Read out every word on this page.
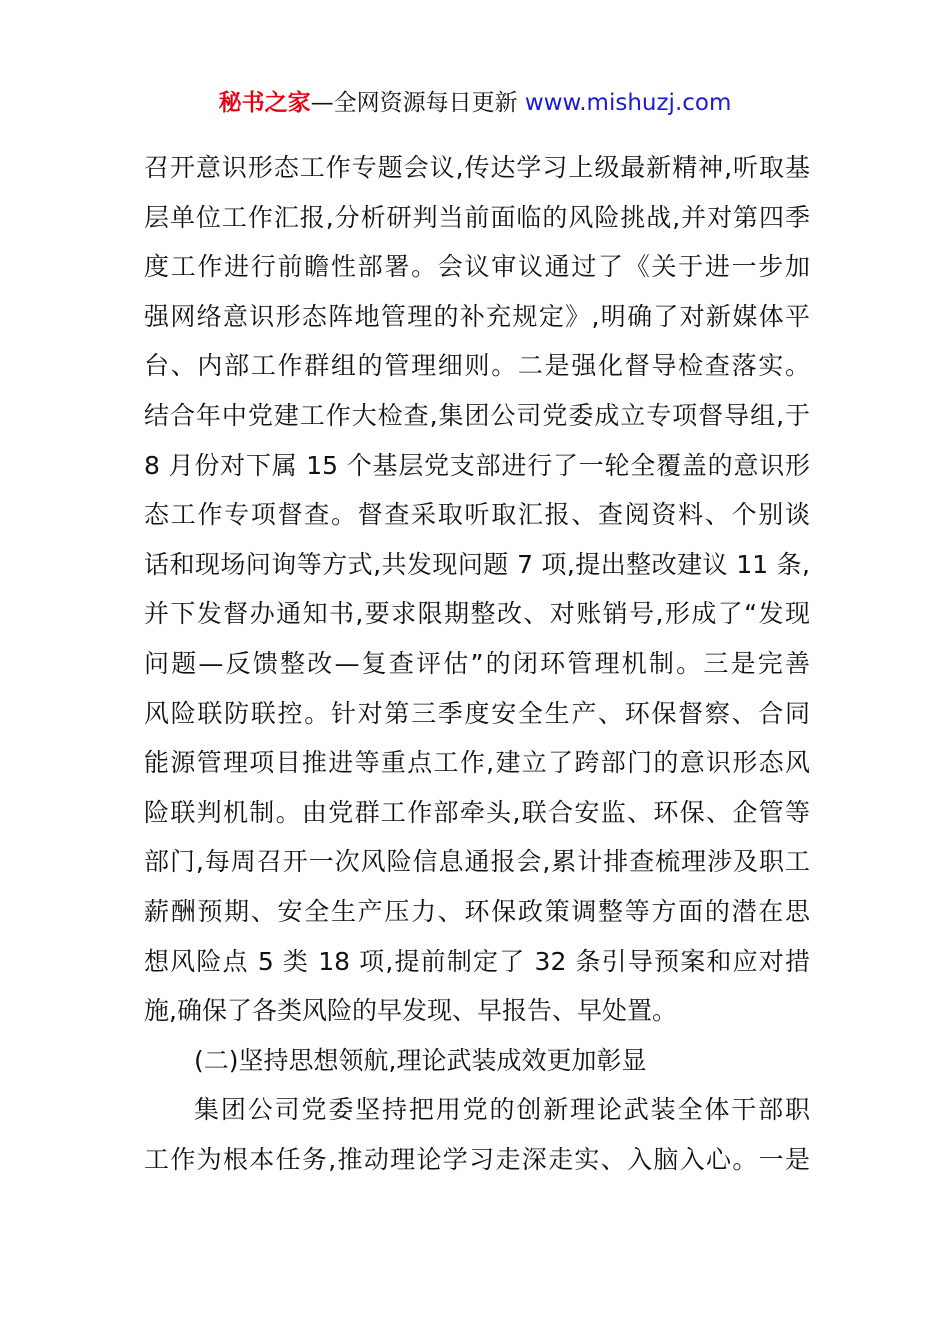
秘书之家—全网资源每日更新 www.mishuzj.com
召开意识形态工作专题会议,传达学习上级最新精神,听取基
层单位工作汇报,分析研判当前面临的风险挑战,并对第四季
度工作进行前瞻性部署。会议审议通过了《关于进一步加
强网络意识形态阵地管理的补充规定》,明确了对新媒体平
台、内部工作群组的管理细则。二是强化督导检查落实。
结合年中党建工作大检查,集团公司党委成立专项督导组,于
8 月份对下属 15 个基层党支部进行了一轮全覆盖的意识形
态工作专项督查。督查采取听取汇报、查阅资料、个别谈
话和现场问询等方式,共发现问题 7 项,提出整改建议 11 条,
并下发督办通知书,要求限期整改、对账销号,形成了“发现
问题—反馈整改—复查评估”的闭环管理机制。三是完善
风险联防联控。针对第三季度安全生产、环保督察、合同
能源管理项目推进等重点工作,建立了跨部门的意识形态风
险联判机制。由党群工作部牵头,联合安监、环保、企管等
部门,每周召开一次风险信息通报会,累计排查梳理涉及职工
薪酬预期、安全生产压力、环保政策调整等方面的潜在思
想风险点 5 类 18 项,提前制定了 32 条引导预案和应对措
施,确保了各类风险的早发现、早报告、早处置。
(二)坚持思想领航,理论武装成效更加彰显
集团公司党委坚持把用党的创新理论武装全体干部职
工作为根本任务,推动理论学习走深走实、入脑入心。一是
